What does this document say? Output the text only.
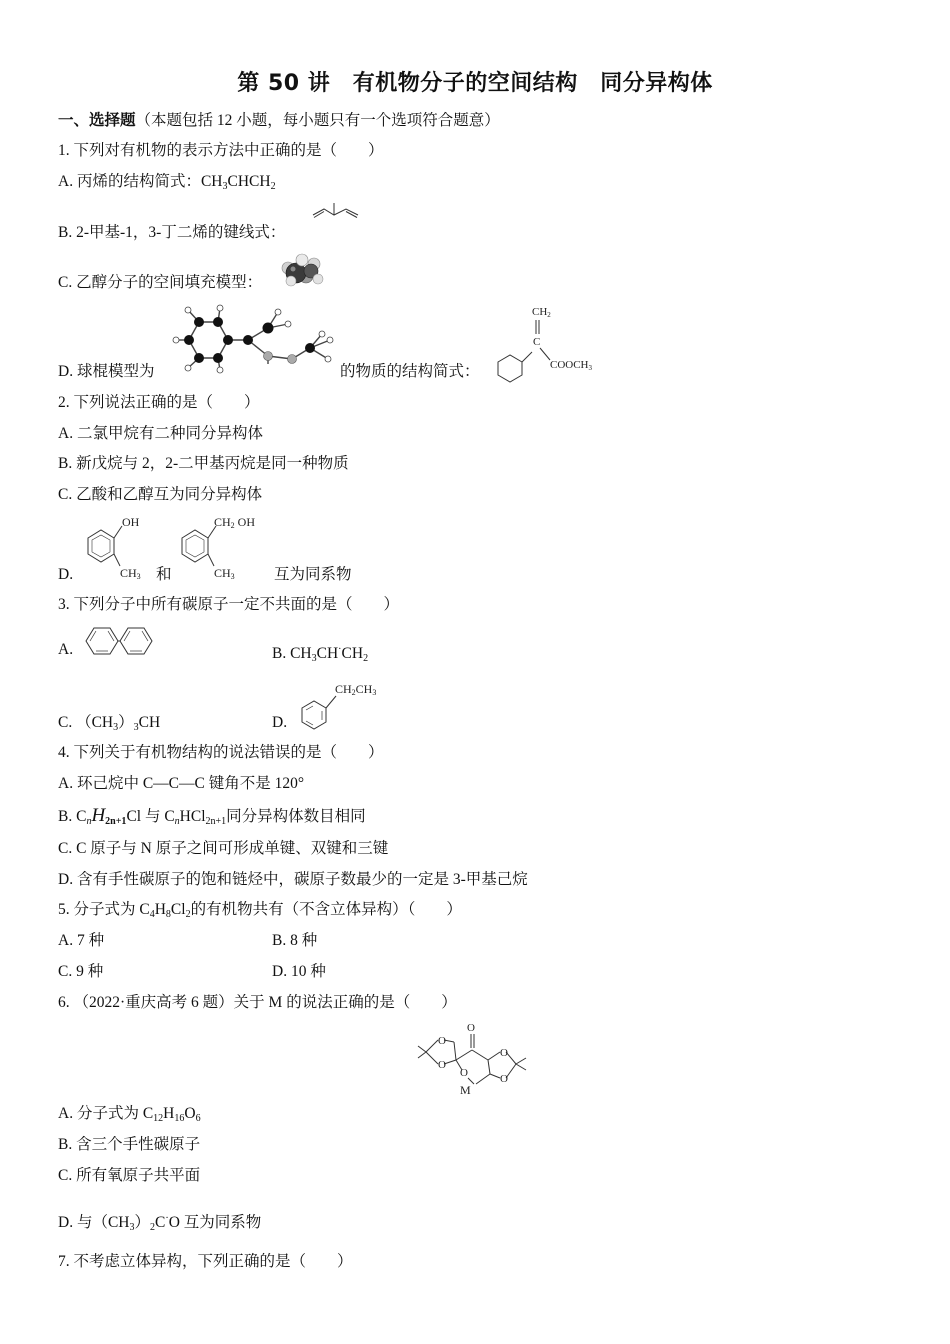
第 50 讲　有机物分子的空间结构　同分异构体
一、选择题（本题包括 12 小题，每小题只有一个选项符合题意）
1. 下列对有机物的表示方法中正确的是（　　）
A. 丙烯的结构简式：$CH_3CHCH_2$
B. 2-甲基-1，3-丁二烯的键线式：
C. 乙醇分子的空间填充模型：
D. 球棍模型为	的物质的结构简式：
CH2
C
COOCH3
2. 下列说法正确的是（　　）
A. 二氯甲烷有二种同分异构体
B. 新戊烷与 2，2-二甲基丙烷是同一种物质
C. 乙酸和乙醇互为同分异构体
OH
CH3
CH2 OH
CH3
D.	和	互为同系物
3. 下列分子中所有碳原子一定不共面的是（　　）
A.	B. $CH_3CH^\cdot CH_2$
C. $(CH_3)_3CH$	D.
CH2CH3
4. 下列关于有机物结构的说法错误的是（　　）
A. 环己烷中 C—C—C 键角不是 120°
B. $C_nH_{2n+1}Cl$ 与 $C_nHCl_{2n+1}$同分异构体数目相同
C. C 原子与 N 原子之间可形成单键、双键和三键
D. 含有手性碳原子的饱和链烃中，碳原子数最少的一定是 3-甲基己烷
5. 分子式为 $C_4H_8Cl_2$的有机物共有（不含立体异构）（　　）
A. 7 种	B. 8 种
C. 9 种	D. 10 种
6. （2022·重庆高考 6 题）关于 M 的说法正确的是（　　）
O
O
O
O
O
O
M
A. 分子式为 $C_{12}H_{16}O_6$
B. 含三个手性碳原子
C. 所有氧原子共平面
D. 与$(CH_3)_2C^\cdot O$ 互为同系物
7. 不考虑立体异构，下列正确的是（　　）
